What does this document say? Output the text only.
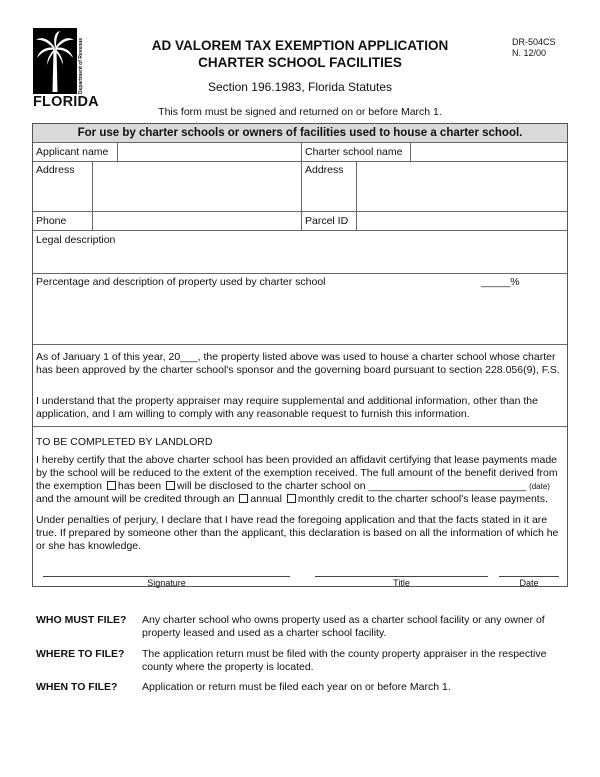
Department of Revenue
FLORIDA
AD VALOREM TAX EXEMPTION APPLICATION
CHARTER SCHOOL FACILITIES
Section 196.1983, Florida Statutes
DR-504CS
N. 12/00
This form must be signed and returned on or before March 1.
For use by charter schools or owners of facilities used to house a charter school.
Applicant name	Charter school name
Address	Address
Phone	Parcel ID
Legal description
Percentage and description of property used by charter school	_____%
As of January 1 of this year, 20___, the property listed above was used to house a charter school whose charter has been approved by the charter school's sponsor and the governing board pursuant to section 228.056(9), F.S.
I understand that the property appraiser may require supplemental and additional information, other than the application, and I am willing to comply with any reasonable request to furnish this information.
TO BE COMPLETED BY LANDLORD
I hereby certify that the above charter school has been provided an affidavit certifying that lease payments made
by the school will be reduced to the extent of the exemption received. The full amount of the benefit derived from
the exemption has been will be disclosed to the charter school on ___________________________ (date)
and the amount will be credited through an annual monthly credit to the charter school's lease payments.
Under penalties of perjury, I declare that I have read the foregoing application and that the facts stated in it are true. If prepared by someone other than the applicant, this declaration is based on all the information of which he or she has knowledge.
Signature	Title	Date
WHO MUST FILE? Any charter school who owns property used as a charter school facility or any owner of property leased and used as a charter school facility.
WHERE TO FILE? The application return must be filed with the county property appraiser in the respective county where the property is located.
WHEN TO FILE? Application or return must be filed each year on or before March 1.
